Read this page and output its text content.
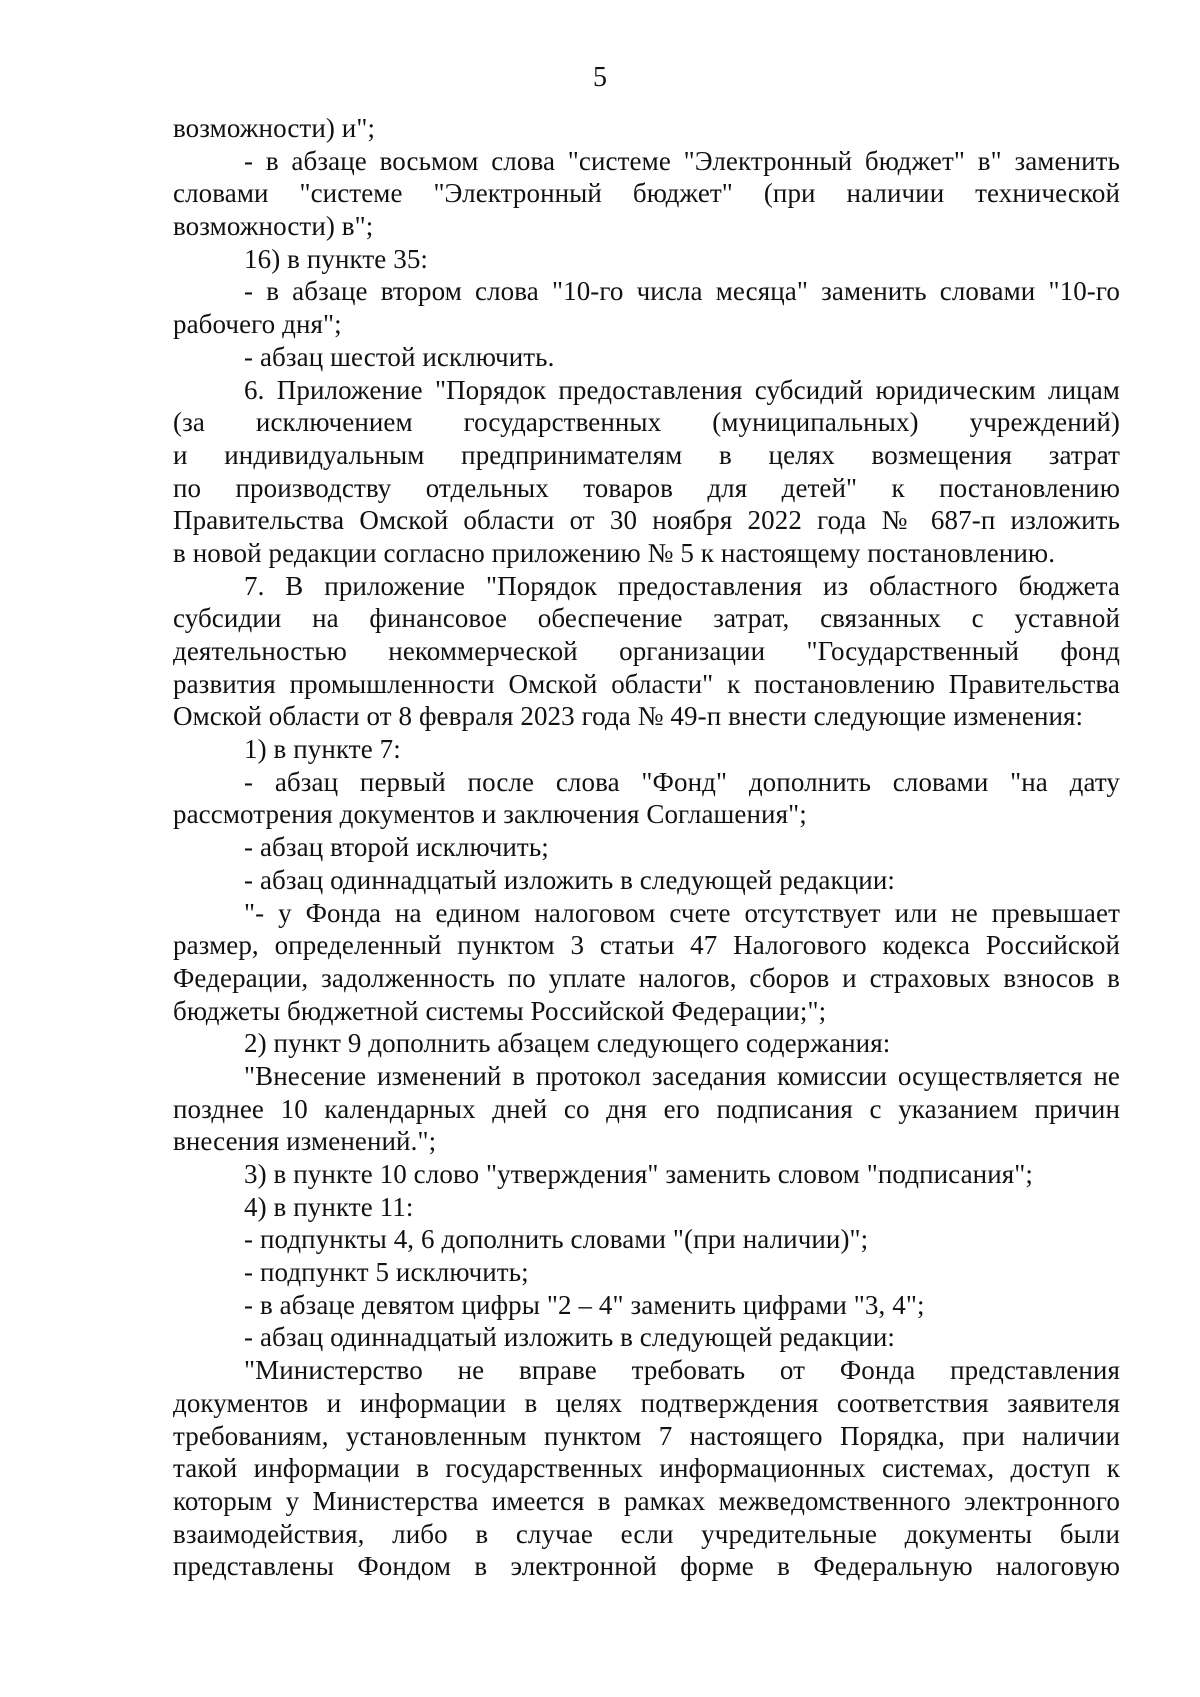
5
возможности) и";
- в абзаце восьмом слова "системе "Электронный бюджет" в" заменить
словами "системе "Электронный бюджет" (при наличии технической
возможности) в";
16) в пункте 35:
- в абзаце втором слова "10-го числа месяца" заменить словами "10-го
рабочего дня";
- абзац шестой исключить.
6. Приложение "Порядок предоставления субсидий юридическим лицам
(за исключением государственных (муниципальных) учреждений)
и индивидуальным предпринимателям в целях возмещения затрат
по производству отдельных товаров для детей" к постановлению
Правительства Омской области от 30 ноября 2022 года № 687-п изложить
в новой редакции согласно приложению № 5 к настоящему постановлению.
7. В приложение "Порядок предоставления из областного бюджета
субсидии на финансовое обеспечение затрат, связанных с уставной
деятельностью некоммерческой организации "Государственный фонд
развития промышленности Омской области" к постановлению Правительства
Омской области от 8 февраля 2023 года № 49-п внести следующие изменения:
1) в пункте 7:
- абзац первый после слова "Фонд" дополнить словами "на дату
рассмотрения документов и заключения Соглашения";
- абзац второй исключить;
- абзац одиннадцатый изложить в следующей редакции:
"- у Фонда на едином налоговом счете отсутствует или не превышает
размер, определенный пунктом 3 статьи 47 Налогового кодекса Российской
Федерации, задолженность по уплате налогов, сборов и страховых взносов в
бюджеты бюджетной системы Российской Федерации;";
2) пункт 9 дополнить абзацем следующего содержания:
"Внесение изменений в протокол заседания комиссии осуществляется не
позднее 10 календарных дней со дня его подписания с указанием причин
внесения изменений.";
3) в пункте 10 слово "утверждения" заменить словом "подписания";
4) в пункте 11:
- подпункты 4, 6 дополнить словами "(при наличии)";
- подпункт 5 исключить;
- в абзаце девятом цифры "2 – 4" заменить цифрами "3, 4";
- абзац одиннадцатый изложить в следующей редакции:
"Министерство не вправе требовать от Фонда представления
документов и информации в целях подтверждения соответствия заявителя
требованиям, установленным пунктом 7 настоящего Порядка, при наличии
такой информации в государственных информационных системах, доступ к
которым у Министерства имеется в рамках межведомственного электронного
взаимодействия, либо в случае если учредительные документы были
представлены Фондом в электронной форме в Федеральную налоговую
